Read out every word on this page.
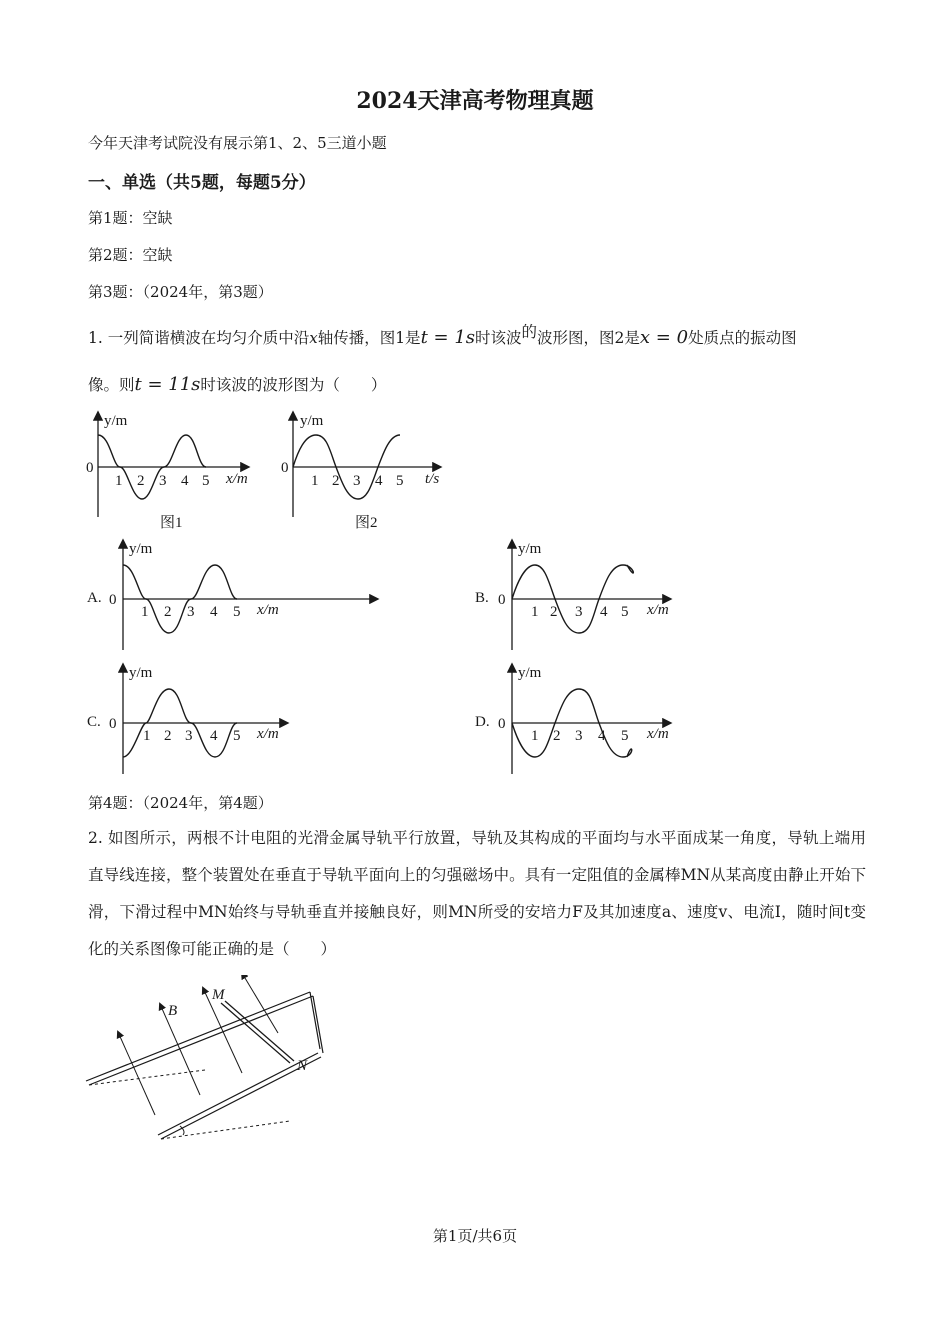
2024天津高考物理真题
今年天津考试院没有展示第1、2、5三道小题
一、单选（共5题，每题5分）
第1题：空缺
第2题：空缺
第3题：（2024年，第3题）
1. 一列简谐横波在均匀介质中沿x轴传播，图1是t = 1s时该波的波形图，图2是x = 0处质点的振动图
像。则t = 11s时该波的波形图为（　　）
y/m
0
1 2 3 4 5 x/m
图1
y/m
0
1 2 3 4 5 t/s
图2
A.
y/m
0
1 2 3 4 5 x/m
B.
y/m
0
1 2 3 4 5 x/m
C.
y/m
0
1 2 3 4 5 x/m
D.
y/m
0
1 2 3 4 5 x/m
第4题：（2024年，第4题）
2. 如图所示，两根不计电阻的光滑金属导轨平行放置，导轨及其构成的平面均与水平面成某一角度，导轨上端用直导线连接，整个装置处在垂直于导轨平面向上的匀强磁场中。具有一定阻值的金属棒MN从某高度由静止开始下滑，下滑过程中MN始终与导轨垂直并接触良好，则MN所受的安培力F及其加速度a、速度v、电流I，随时间t变化的关系图像可能正确的是（　　）
B
M
N
第1页/共6页
